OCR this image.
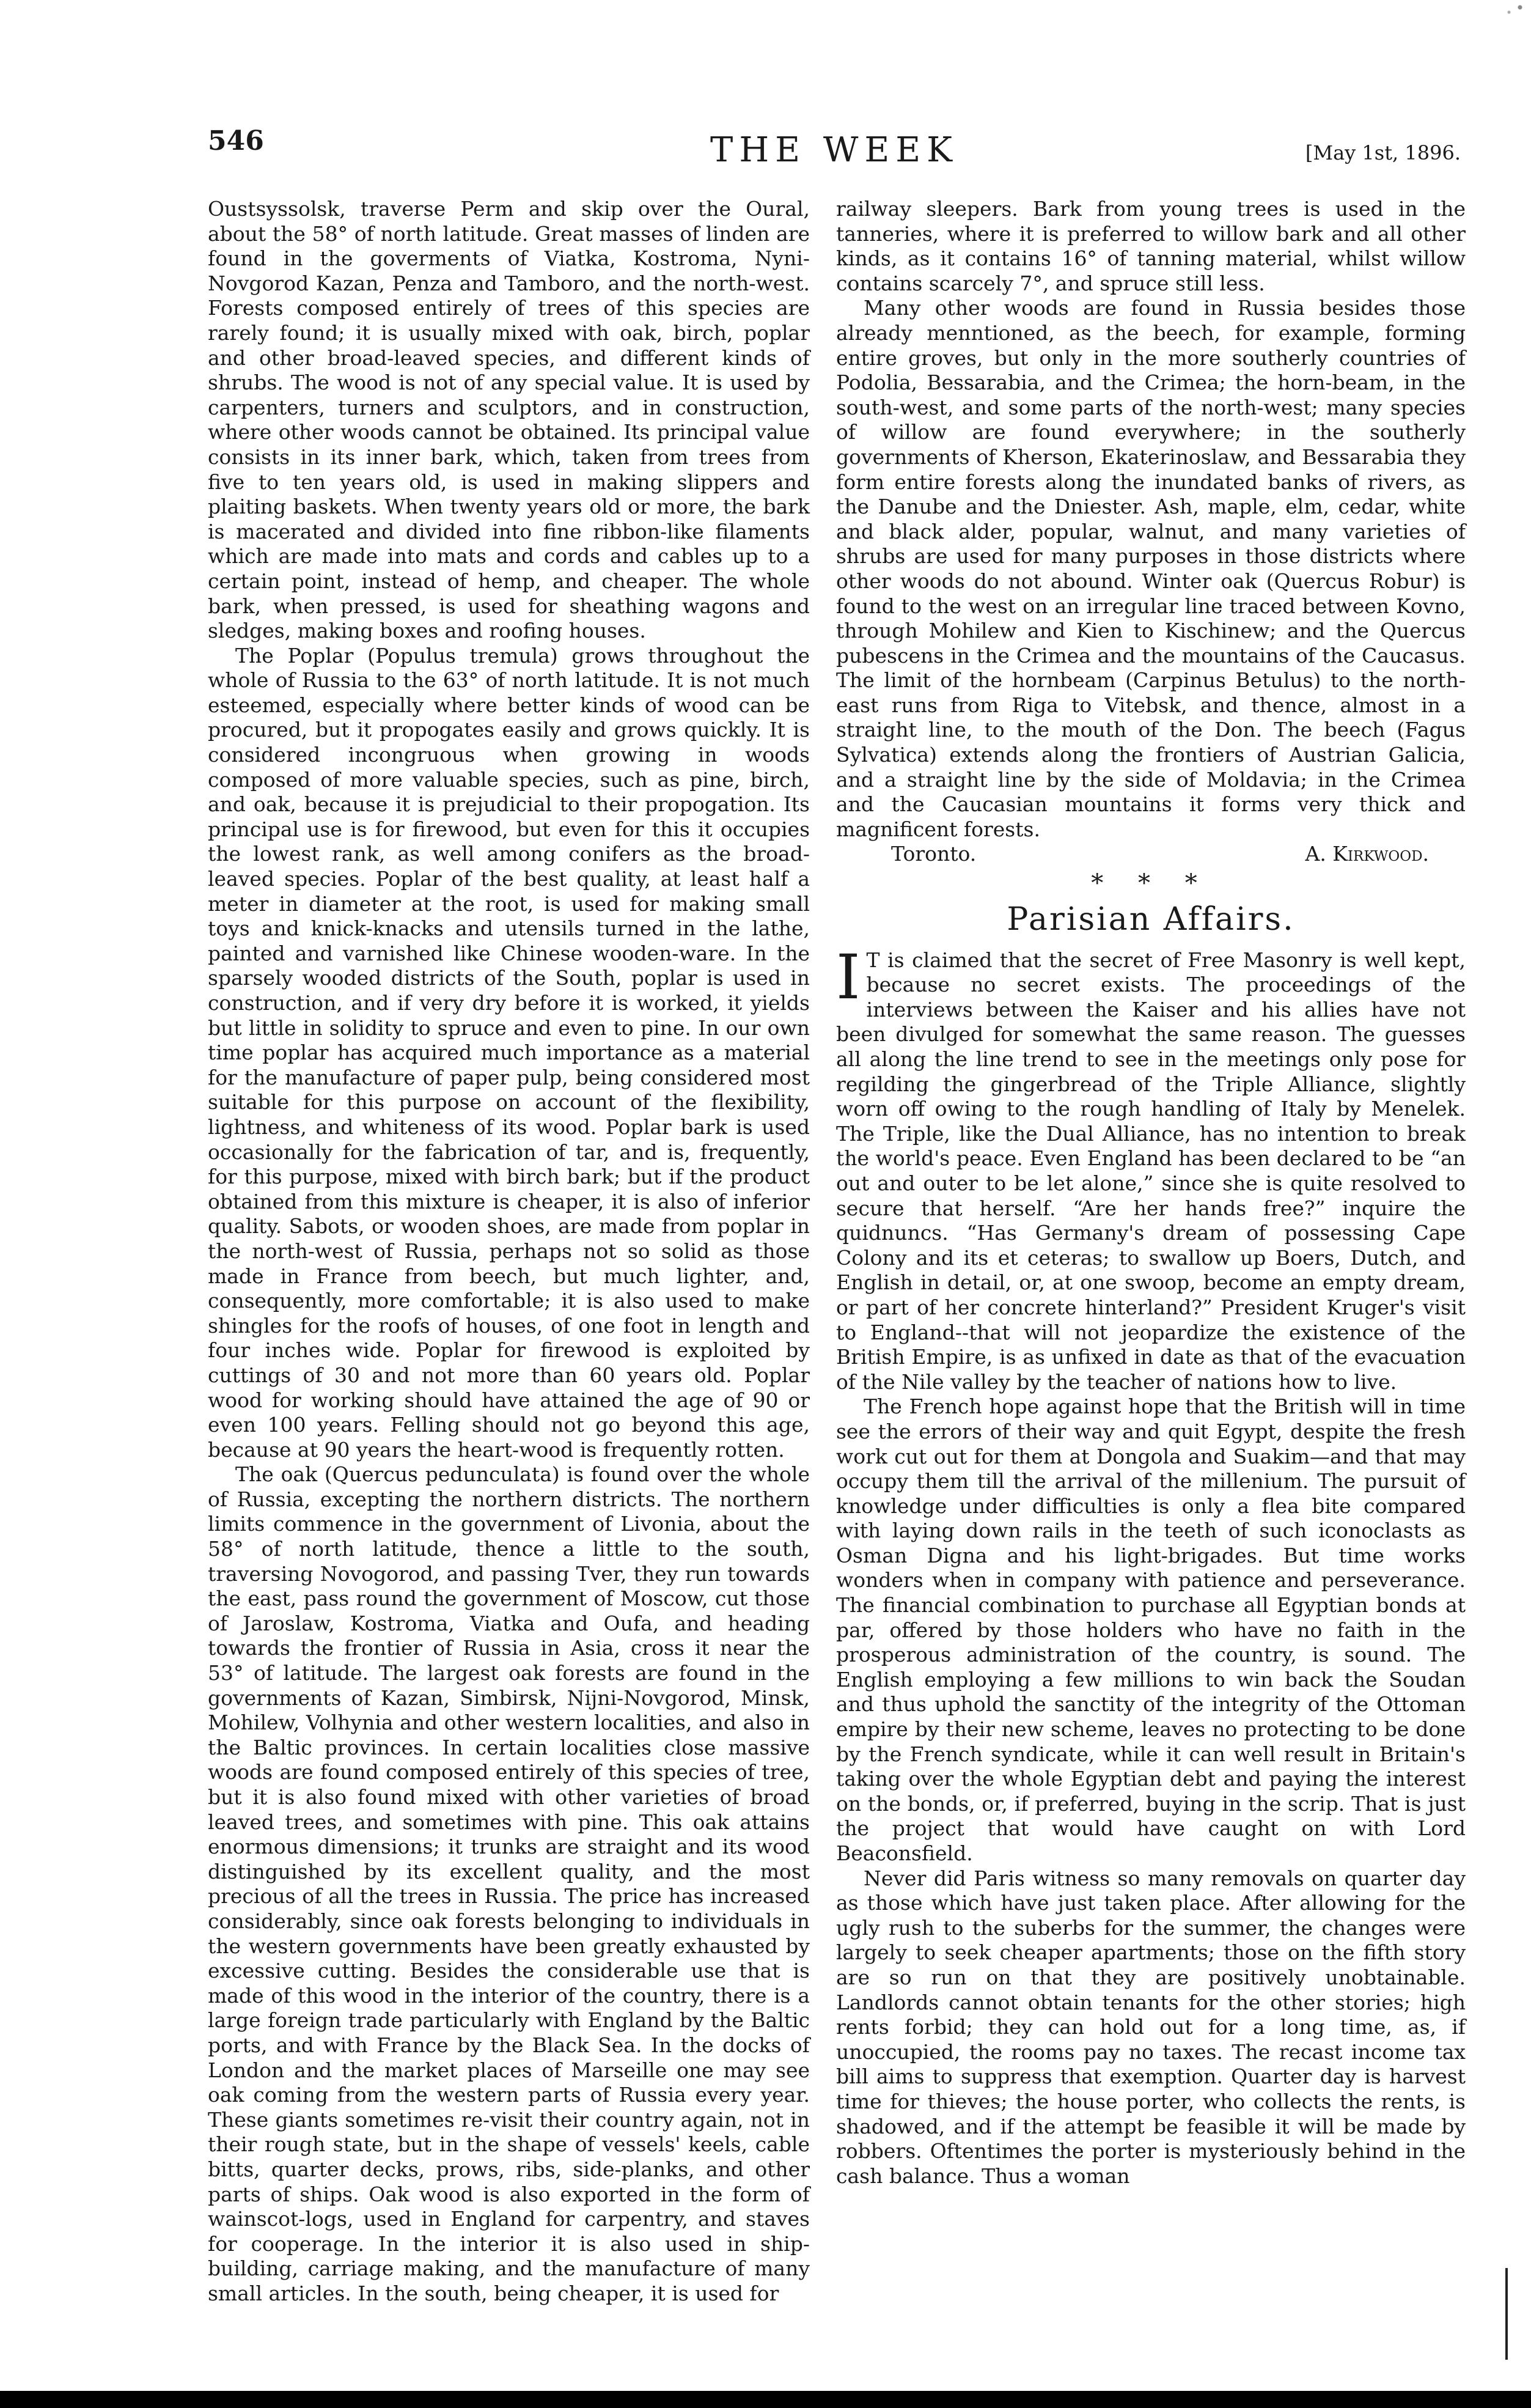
546	THE WEEK	[May 1st, 1896.

Oustsyssolsk, traverse Perm and skip over the Oural, about the 58° of north latitude. Great masses of linden are found in the goverments of Viatka, Kostroma, Nyni-Novgorod Kazan, Penza and Tamboro, and the north-west. Forests composed entirely of trees of this species are rarely found; it is usually mixed with oak, birch, poplar and other broad-leaved species, and different kinds of shrubs. The wood is not of any special value. It is used by carpenters, turners and sculptors, and in construction, where other woods cannot be obtained. Its principal value consists in its inner bark, which, taken from trees from five to ten years old, is used in making slippers and plaiting baskets. When twenty years old or more, the bark is macerated and divided into fine ribbon-like filaments which are made into mats and cords and cables up to a certain point, instead of hemp, and cheaper. The whole bark, when pressed, is used for sheathing wagons and sledges, making boxes and roofing houses.

The Poplar (Populus tremula) grows throughout the whole of Russia to the 63° of north latitude. It is not much esteemed, especially where better kinds of wood can be procured, but it propogates easily and grows quickly. It is considered incongruous when growing in woods composed of more valuable species, such as pine, birch, and oak, because it is prejudicial to their propogation. Its principal use is for firewood, but even for this it occupies the lowest rank, as well among conifers as the broad-leaved species. Poplar of the best quality, at least half a meter in diameter at the root, is used for making small toys and knick-knacks and utensils turned in the lathe, painted and varnished like Chinese wooden-ware. In the sparsely wooded districts of the South, poplar is used in construction, and if very dry before it is worked, it yields but little in solidity to spruce and even to pine. In our own time poplar has acquired much importance as a material for the manufacture of paper pulp, being considered most suitable for this purpose on account of the flexibility, lightness, and whiteness of its wood. Poplar bark is used occasionally for the fabrication of tar, and is, frequently, for this purpose, mixed with birch bark; but if the product obtained from this mixture is cheaper, it is also of inferior quality. Sabots, or wooden shoes, are made from poplar in the north-west of Russia, perhaps not so solid as those made in France from beech, but much lighter, and, consequently, more comfortable; it is also used to make shingles for the roofs of houses, of one foot in length and four inches wide. Poplar for firewood is exploited by cuttings of 30 and not more than 60 years old. Poplar wood for working should have attained the age of 90 or even 100 years. Felling should not go beyond this age, because at 90 years the heart-wood is frequently rotten.

The oak (Quercus pedunculata) is found over the whole of Russia, excepting the northern districts. The northern limits commence in the government of Livonia, about the 58° of north latitude, thence a little to the south, traversing Novogorod, and passing Tver, they run towards the east, pass round the government of Moscow, cut those of Jaroslaw, Kostroma, Viatka and Oufa, and heading towards the frontier of Russia in Asia, cross it near the 53° of latitude. The largest oak forests are found in the governments of Kazan, Simbirsk, Nijni-Novgorod, Minsk, Mohilew, Volhynia and other western localities, and also in the Baltic provinces. In certain localities close massive woods are found composed entirely of this species of tree, but it is also found mixed with other varieties of broad leaved trees, and sometimes with pine. This oak attains enormous dimensions; it trunks are straight and its wood distinguished by its excellent quality, and the most precious of all the trees in Russia. The price has increased considerably, since oak forests belonging to individuals in the western governments have been greatly exhausted by excessive cutting. Besides the considerable use that is made of this wood in the interior of the country, there is a large foreign trade particularly with England by the Baltic ports, and with France by the Black Sea. In the docks of London and the market places of Marseille one may see oak coming from the western parts of Russia every year. These giants sometimes re-visit their country again, not in their rough state, but in the shape of vessels' keels, cable bitts, quarter decks, prows, ribs, side-planks, and other parts of ships. Oak wood is also exported in the form of wainscot-logs, used in England for carpentry, and staves for cooperage. In the interior it is also used in ship-building, carriage making, and the manufacture of many small articles. In the south, being cheaper, it is used for

railway sleepers. Bark from young trees is used in the tanneries, where it is preferred to willow bark and all other kinds, as it contains 16° of tanning material, whilst willow contains scarcely 7°, and spruce still less.

Many other woods are found in Russia besides those already menntioned, as the beech, for example, forming entire groves, but only in the more southerly countries of Podolia, Bessarabia, and the Crimea; the horn-beam, in the south-west, and some parts of the north-west; many species of willow are found everywhere; in the southerly governments of Kherson, Ekaterinoslaw, and Bessarabia they form entire forests along the inundated banks of rivers, as the Danube and the Dniester. Ash, maple, elm, cedar, white and black alder, popular, walnut, and many varieties of shrubs are used for many purposes in those districts where other woods do not abound. Winter oak (Quercus Robur) is found to the west on an irregular line traced between Kovno, through Mohilew and Kien to Kischinew; and the Quercus pubescens in the Crimea and the mountains of the Caucasus. The limit of the hornbeam (Carpinus Betulus) to the north-east runs from Riga to Vitebsk, and thence, almost in a straight line, to the mouth of the Don. The beech (Fagus Sylvatica) extends along the frontiers of Austrian Galicia, and a straight line by the side of Moldavia; in the Crimea and the Caucasian mountains it forms very thick and magnificent forests.

Toronto.	A. Kirkwood.
* * *
Parisian Affairs.

I T is claimed that the secret of Free Masonry is well kept, because no secret exists. The proceedings of the interviews between the Kaiser and his allies have not been divulged for somewhat the same reason. The guesses all along the line trend to see in the meetings only pose for regilding the gingerbread of the Triple Alliance, slightly worn off owing to the rough handling of Italy by Menelek. The Triple, like the Dual Alliance, has no intention to break the world's peace. Even England has been declared to be “an out and outer to be let alone,” since she is quite resolved to secure that herself. “Are her hands free?” inquire the quidnuncs. “Has Germany's dream of possessing Cape Colony and its et ceteras; to swallow up Boers, Dutch, and English in detail, or, at one swoop, become an empty dream, or part of her concrete hinterland?” President Kruger's visit to England--that will not jeopardize the existence of the British Empire, is as unfixed in date as that of the evacuation of the Nile valley by the teacher of nations how to live.

The French hope against hope that the British will in time see the errors of their way and quit Egypt, despite the fresh work cut out for them at Dongola and Suakim—and that may occupy them till the arrival of the millenium. The pursuit of knowledge under difficulties is only a flea bite compared with laying down rails in the teeth of such iconoclasts as Osman Digna and his light-brigades. But time works wonders when in company with patience and perseverance. The financial combination to purchase all Egyptian bonds at par, offered by those holders who have no faith in the prosperous administration of the country, is sound. The English employing a few millions to win back the Soudan and thus uphold the sanctity of the integrity of the Ottoman empire by their new scheme, leaves no protecting to be done by the French syndicate, while it can well result in Britain's taking over the whole Egyptian debt and paying the interest on the bonds, or, if preferred, buying in the scrip. That is just the project that would have caught on with Lord Beaconsfield.

Never did Paris witness so many removals on quarter day as those which have just taken place. After allowing for the ugly rush to the suberbs for the summer, the changes were largely to seek cheaper apartments; those on the fifth story are so run on that they are positively unobtainable. Landlords cannot obtain tenants for the other stories; high rents forbid; they can hold out for a long time, as, if unoccupied, the rooms pay no taxes. The recast income tax bill aims to suppress that exemption. Quarter day is harvest time for thieves; the house porter, who collects the rents, is shadowed, and if the attempt be feasible it will be made by robbers. Oftentimes the porter is mysteriously behind in the cash balance. Thus a woman
